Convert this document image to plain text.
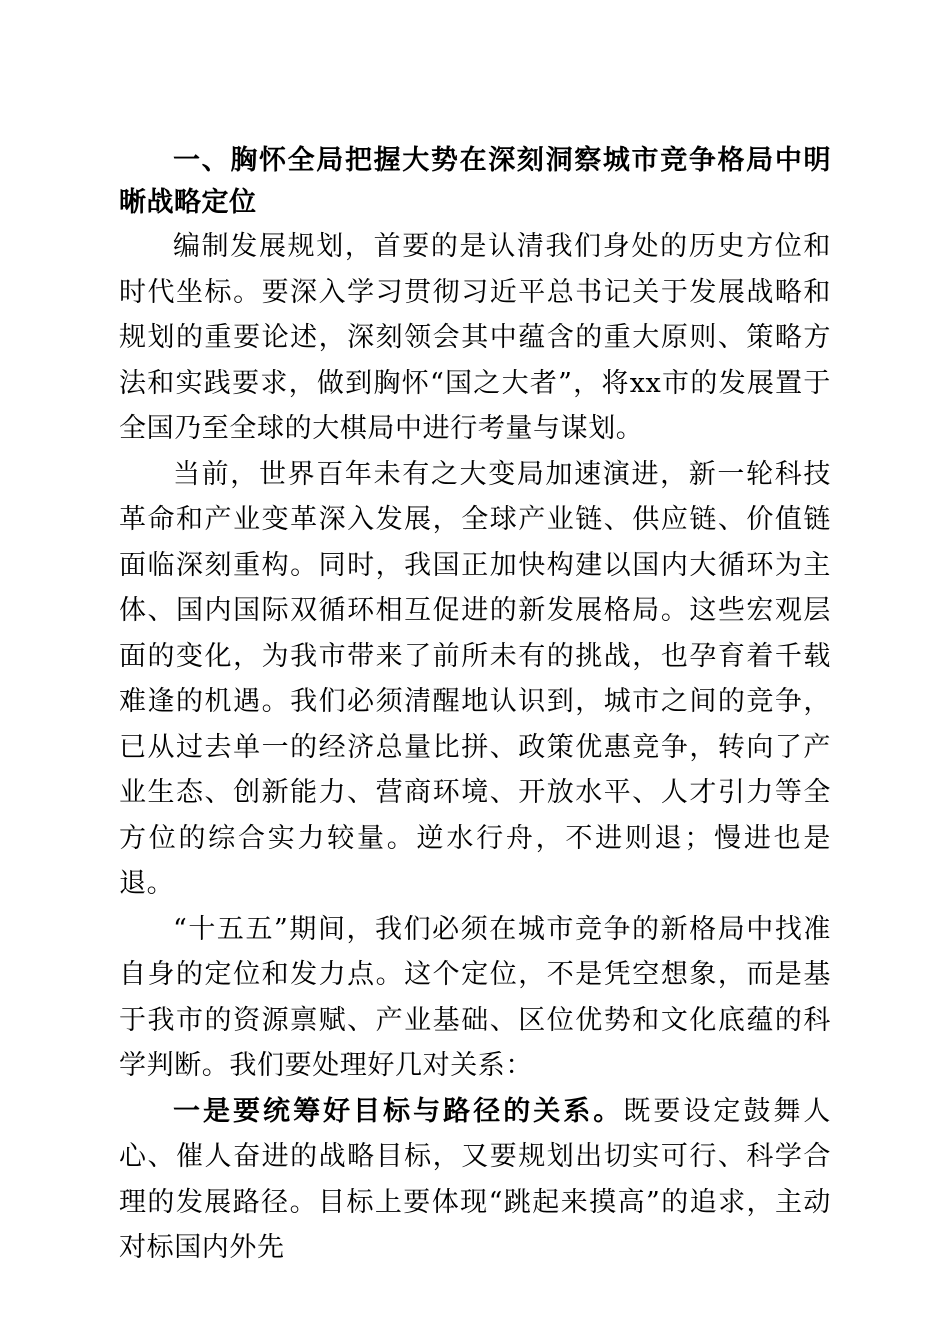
一、胸怀全局把握大势在深刻洞察城市竞争格局中明晰战略定位

编制发展规划，首要的是认清我们身处的历史方位和时代坐标。要深入学习贯彻习近平总书记关于发展战略和规划的重要论述，深刻领会其中蕴含的重大原则、策略方法和实践要求，做到胸怀“国之大者”，将xx市的发展置于全国乃至全球的大棋局中进行考量与谋划。

当前，世界百年未有之大变局加速演进，新一轮科技革命和产业变革深入发展，全球产业链、供应链、价值链面临深刻重构。同时，我国正加快构建以国内大循环为主体、国内国际双循环相互促进的新发展格局。这些宏观层面的变化，为我市带来了前所未有的挑战，也孕育着千载难逢的机遇。我们必须清醒地认识到，城市之间的竞争，已从过去单一的经济总量比拼、政策优惠竞争，转向了产业生态、创新能力、营商环境、开放水平、人才引力等全方位的综合实力较量。逆水行舟，不进则退；慢进也是退。

“十五五”期间，我们必须在城市竞争的新格局中找准自身的定位和发力点。这个定位，不是凭空想象，而是基于我市的资源禀赋、产业基础、区位优势和文化底蕴的科学判断。我们要处理好几对关系：

一是要统筹好目标与路径的关系。既要设定鼓舞人心、催人奋进的战略目标，又要规划出切实可行、科学合理的发展路径。目标上要体现“跳起来摸高”的追求，主动对标国内外先
